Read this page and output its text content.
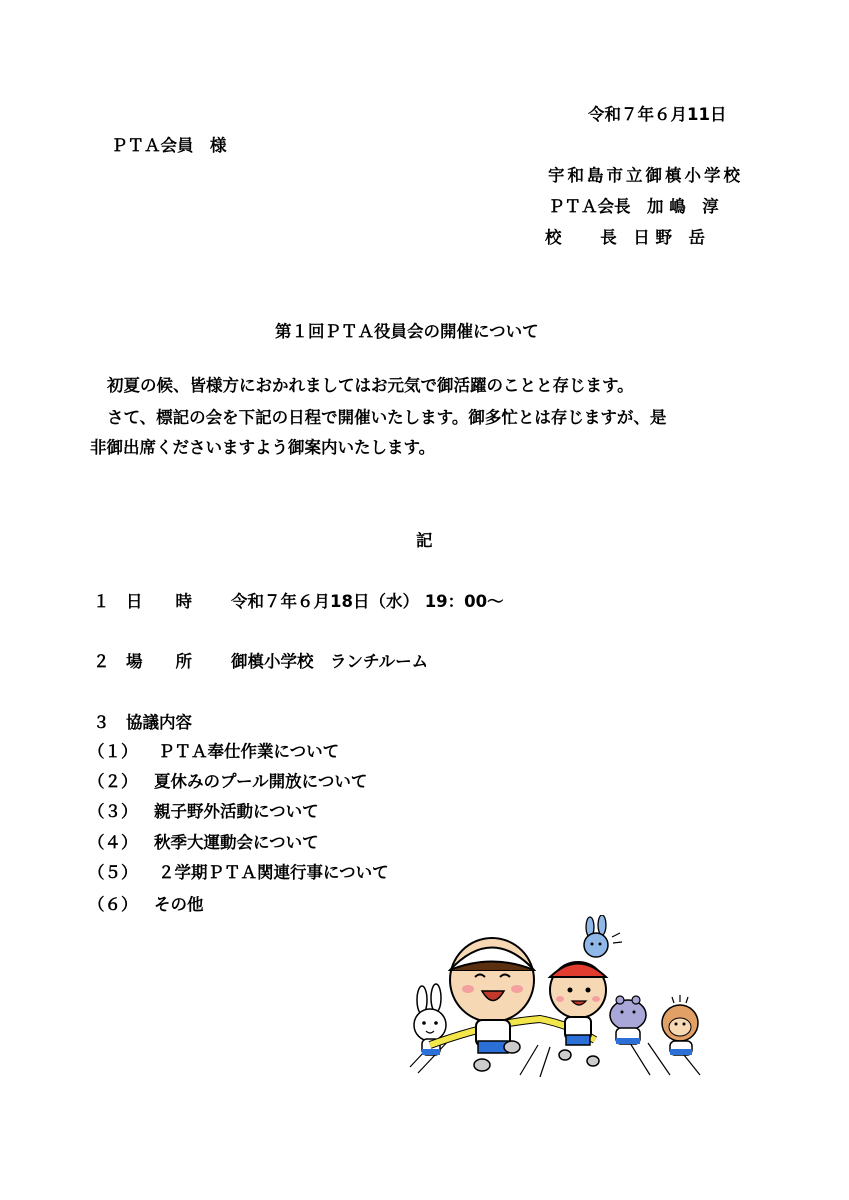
令和７年６月11日
ＰＴＡ会員　様
宇和島市立御槙小学校
ＰＴＡ会長　加 嶋　淳
校　　 長　日 野　岳
第１回ＰＴＡ役員会の開催について
初夏の候、皆様方におかれましてはお元気で御活躍のことと存じます。
さて、標記の会を下記の日程で開催いたします。御多忙とは存じますが、是
非御出席くださいますよう御案内いたします。
記
１　日　　時 令和７年６月18日（水） 19：00～
２　場　　所 御槙小学校　ランチルーム
３　協議内容
（１） ＰＴＡ奉仕作業について
（２） 夏休みのプール開放について
（３） 親子野外活動について
（４） 秋季大運動会について
（５） ２学期ＰＴＡ関連行事について
（６） その他
